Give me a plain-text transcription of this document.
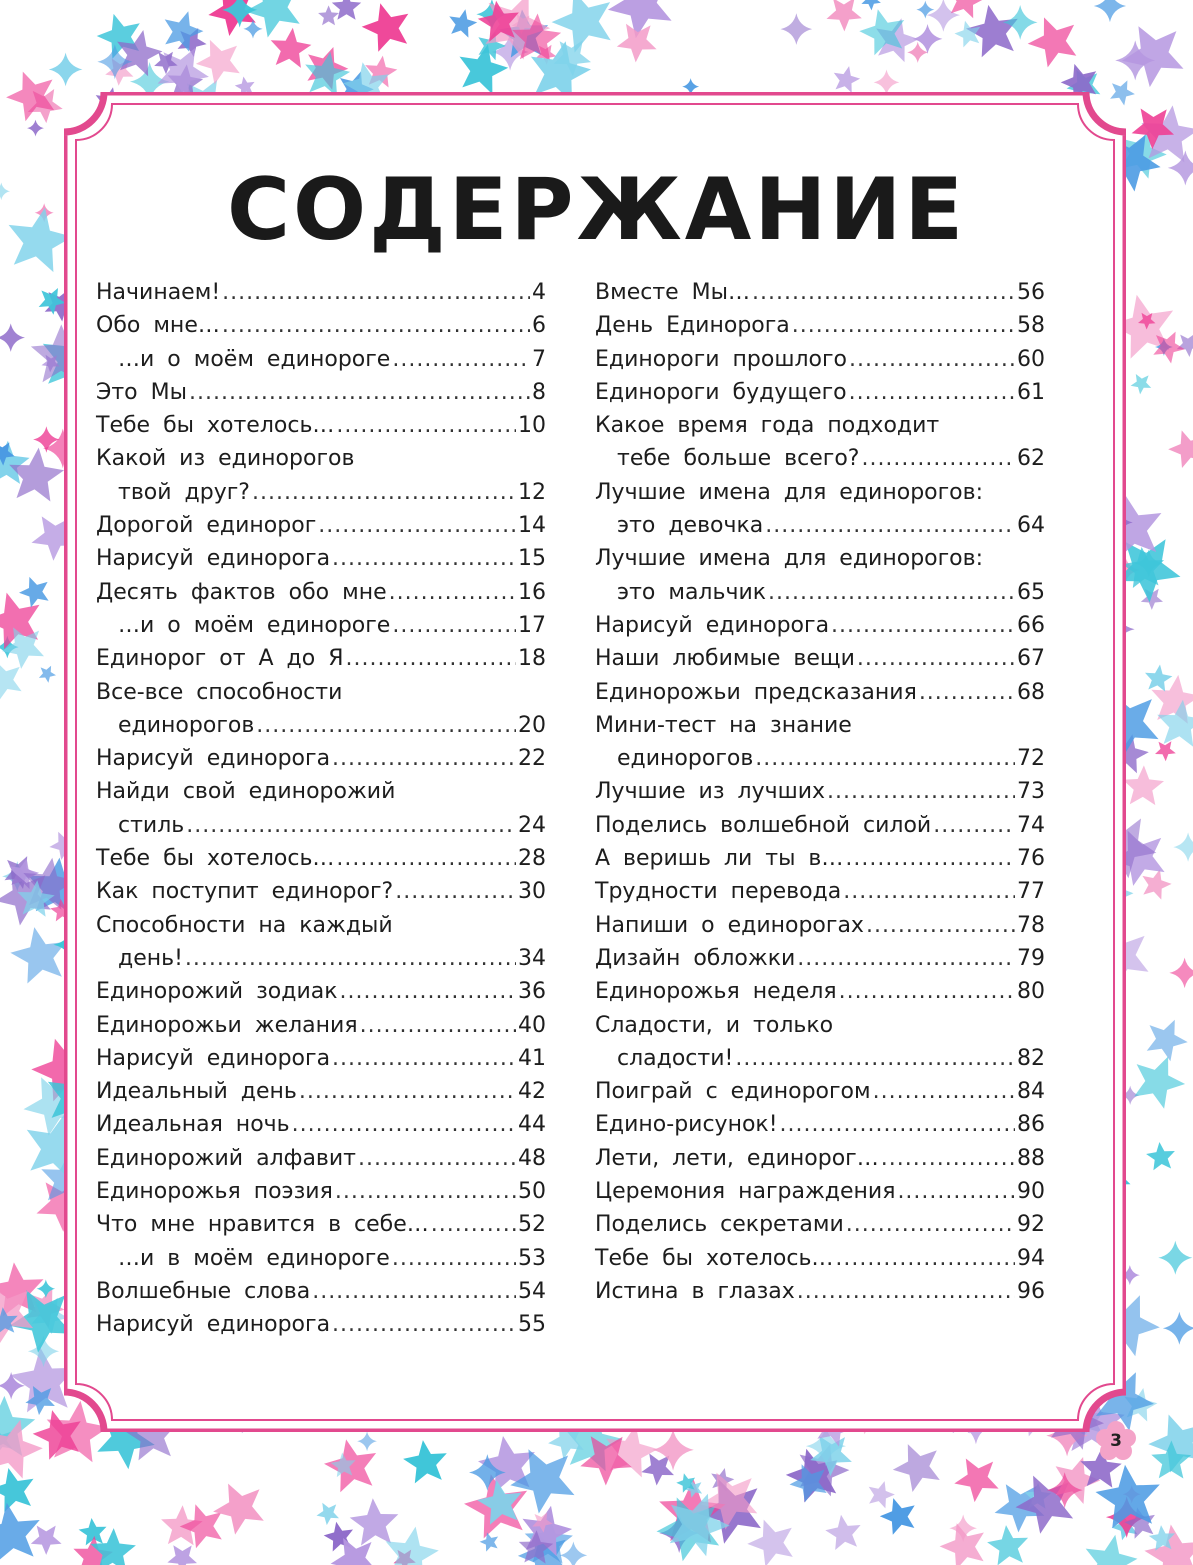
СОДЕРЖАНИЕ
Начинаем! .....	4
Обо мне… .....	6
…и о моём единороге .....	7
Это Мы .....	8
Тебе бы хотелось… .....	10
Какой из единорогов
твой друг? .....	12
Дорогой единорог .....	14
Нарисуй единорога .....	15
Десять фактов обо мне .....	16
…и о моём единороге .....	17
Единорог от А до Я .....	18
Все-все способности
единорогов .....	20
Нарисуй единорога .....	22
Найди свой единорожий
стиль .....	24
Тебе бы хотелось… .....	28
Как поступит единорог? .....	30
Способности на каждый
день! .....	34
Единорожий зодиак .....	36
Единорожьи желания .....	40
Нарисуй единорога .....	41
Идеальный день .....	42
Идеальная ночь .....	44
Единорожий алфавит .....	48
Единорожья поэзия .....	50
Что мне нравится в себе… .....	52
…и в моём единороге .....	53
Волшебные слова .....	54
Нарисуй единорога .....	55
Вместе Мы… .....	56
День Единорога .....	58
Единороги прошлого .....	60
Единороги будущего .....	61
Какое время года подходит
тебе больше всего? .....	62
Лучшие имена для единорогов:
это девочка .....	64
Лучшие имена для единорогов:
это мальчик .....	65
Нарисуй единорога .....	66
Наши любимые вещи .....	67
Единорожьи предсказания .....	68
Мини-тест на знание
единорогов .....	72
Лучшие из лучших .....	73
Поделись волшебной силой .....	74
А веришь ли ты в… .....	76
Трудности перевода .....	77
Напиши о единорогах .....	78
Дизайн обложки .....	79
Единорожья неделя .....	80
Сладости, и только
сладости! .....	82
Поиграй с единорогом .....	84
Едино-рисунок! .....	86
Лети, лети, единорог… .....	88
Церемония награждения .....	90
Поделись секретами .....	92
Тебе бы хотелось… .....	94
Истина в глазах .....	96
3
